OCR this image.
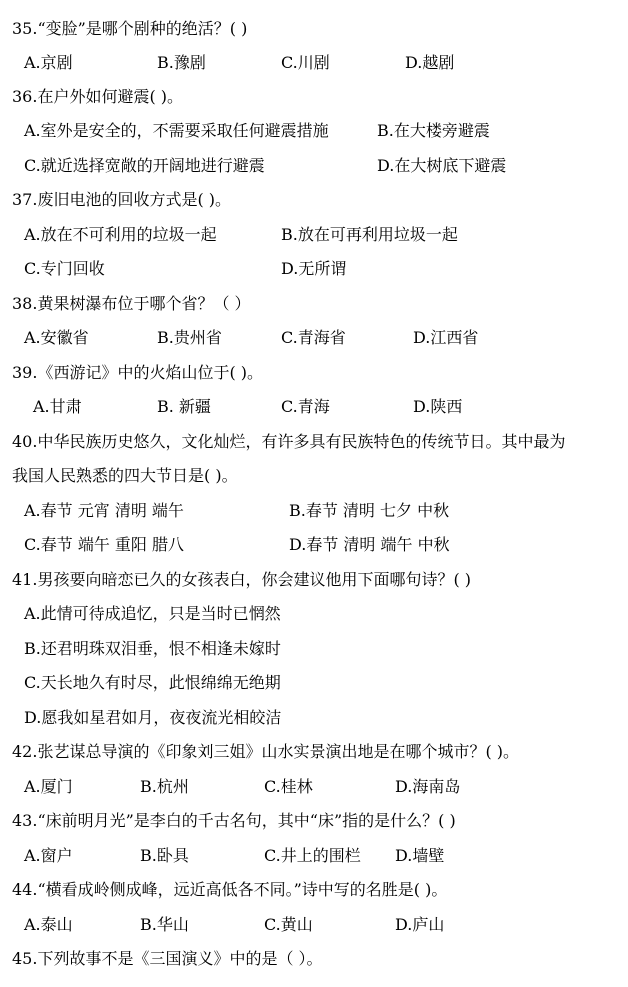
35.“变脸”是哪个剧种的绝活？( )
A.京剧	B.豫剧	C.川剧	D.越剧
36.在户外如何避震( )。
A.室外是安全的，不需要采取任何避震措施	B.在大楼旁避震
C.就近选择宽敞的开阔地进行避震	D.在大树底下避震
37.废旧电池的回收方式是( )。
A.放在不可利用的垃圾一起	B.放在可再利用垃圾一起
C.专门回收	D.无所谓
38.黄果树瀑布位于哪个省？（ ）
A.安徽省	B.贵州省	C.青海省	D.江西省
39.《西游记》中的火焰山位于( )。
A.甘肃	B. 新疆	C.青海	D.陕西
40.中华民族历史悠久，文化灿烂，有许多具有民族特色的传统节日。其中最为
我国人民熟悉的四大节日是( )。
A.春节 元宵 清明 端午	B.春节 清明 七夕 中秋
C.春节 端午 重阳 腊八	D.春节 清明 端午 中秋
41.男孩要向暗恋已久的女孩表白，你会建议他用下面哪句诗？( )
A.此情可待成追忆，只是当时已惘然
B.还君明珠双泪垂，恨不相逢未嫁时
C.天长地久有时尽，此恨绵绵无绝期
D.愿我如星君如月，夜夜流光相皎洁
42.张艺谋总导演的《印象刘三姐》山水实景演出地是在哪个城市？( )。
A.厦门	B.杭州	C.桂林	D.海南岛
43.“床前明月光”是李白的千古名句，其中“床”指的是什么？( )
A.窗户	B.卧具	C.井上的围栏 D.墙壁
44.“横看成岭侧成峰，远近高低各不同。”诗中写的名胜是( )。
A.泰山	B.华山	C.黄山	D.庐山
45.下列故事不是《三国演义》中的是（ ）。
